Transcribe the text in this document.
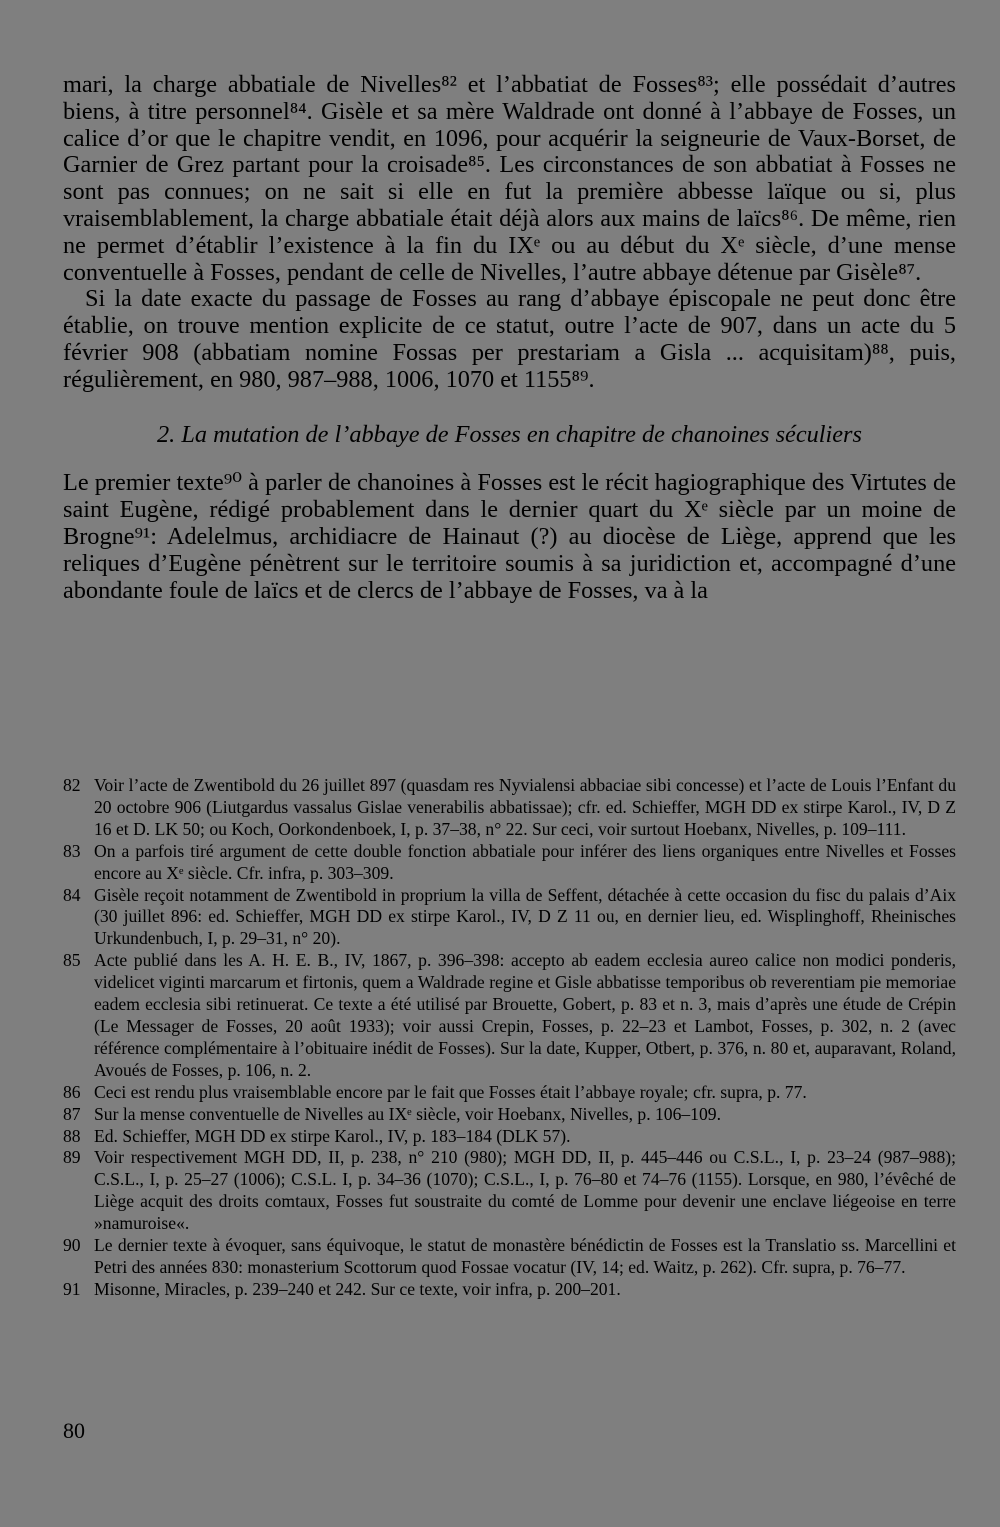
mari, la charge abbatiale de Nivelles⁸² et l’abbatiat de Fosses⁸³; elle possédait d’autres biens, à titre personnel⁸⁴. Gisèle et sa mère Waldrade ont donné à l’abbaye de Fosses, un calice d’or que le chapitre vendit, en 1096, pour acquérir la seigneurie de Vaux-Borset, de Garnier de Grez partant pour la croisade⁸⁵. Les circonstances de son abbatiat à Fosses ne sont pas connues; on ne sait si elle en fut la première abbesse laïque ou si, plus vraisemblablement, la charge abbatiale était déjà alors aux mains de laïcs⁸⁶. De même, rien ne permet d’établir l’existence à la fin du IXᵉ ou au début du Xᵉ siècle, d’une mense conventuelle à Fosses, pendant de celle de Nivelles, l’autre abbaye détenue par Gisèle⁸⁷.

Si la date exacte du passage de Fosses au rang d’abbaye épiscopale ne peut donc être établie, on trouve mention explicite de ce statut, outre l’acte de 907, dans un acte du 5 février 908 (abbatiam nomine Fossas per prestariam a Gisla ... acquisitam)⁸⁸, puis, régulièrement, en 980, 987–988, 1006, 1070 et 1155⁸⁹.

2. La mutation de l’abbaye de Fosses en chapitre de chanoines séculiers

Le premier texte⁹⁰ à parler de chanoines à Fosses est le récit hagiographique des Virtutes de saint Eugène, rédigé probablement dans le dernier quart du Xᵉ siècle par un moine de Brogne⁹¹: Adelelmus, archidiacre de Hainaut (?) au diocèse de Liège, apprend que les reliques d’Eugène pénètrent sur le territoire soumis à sa juridiction et, accompagné d’une abondante foule de laïcs et de clercs de l’abbaye de Fosses, va à la

82 Voir l’acte de Zwentibold du 26 juillet 897 (quasdam res Nyvialensi abbaciae sibi concesse) et l’acte de Louis l’Enfant du 20 octobre 906 (Liutgardus vassalus Gislae venerabilis abbatissae); cfr. ed. Schieffer, MGH DD ex stirpe Karol., IV, D Z 16 et D. LK 50; ou Koch, Oorkondenboek, I, p. 37–38, n° 22. Sur ceci, voir surtout Hoebanx, Nivelles, p. 109–111.
83 On a parfois tiré argument de cette double fonction abbatiale pour inférer des liens organiques entre Nivelles et Fosses encore au Xᵉ siècle. Cfr. infra, p. 303–309.
84 Gisèle reçoit notamment de Zwentibold in proprium la villa de Seffent, détachée à cette occasion du fisc du palais d’Aix (30 juillet 896: ed. Schieffer, MGH DD ex stirpe Karol., IV, D Z 11 ou, en dernier lieu, ed. Wisplinghoff, Rheinisches Urkundenbuch, I, p. 29–31, n° 20).
85 Acte publié dans les A. H. E. B., IV, 1867, p. 396–398: accepto ab eadem ecclesia aureo calice non modici ponderis, videlicet viginti marcarum et firtonis, quem a Waldrade regine et Gisle abbatisse temporibus ob reverentiam pie memoriae eadem ecclesia sibi retinuerat. Ce texte a été utilisé par Brouette, Gobert, p. 83 et n. 3, mais d’après une étude de Crépin (Le Messager de Fosses, 20 août 1933); voir aussi Crepin, Fosses, p. 22–23 et Lambot, Fosses, p. 302, n. 2 (avec référence complémentaire à l’obituaire inédit de Fosses). Sur la date, Kupper, Otbert, p. 376, n. 80 et, auparavant, Roland, Avoués de Fosses, p. 106, n. 2.
86 Ceci est rendu plus vraisemblable encore par le fait que Fosses était l’abbaye royale; cfr. supra, p. 77.
87 Sur la mense conventuelle de Nivelles au IXᵉ siècle, voir Hoebanx, Nivelles, p. 106–109.
88 Ed. Schieffer, MGH DD ex stirpe Karol., IV, p. 183–184 (DLK 57).
89 Voir respectivement MGH DD, II, p. 238, n° 210 (980); MGH DD, II, p. 445–446 ou C.S.L., I, p. 23–24 (987–988); C.S.L., I, p. 25–27 (1006); C.S.L. I, p. 34–36 (1070); C.S.L., I, p. 76–80 et 74–76 (1155). Lorsque, en 980, l’évêché de Liège acquit des droits comtaux, Fosses fut soustraite du comté de Lomme pour devenir une enclave liégeoise en terre »namuroise«.
90 Le dernier texte à évoquer, sans équivoque, le statut de monastère bénédictin de Fosses est la Translatio ss. Marcellini et Petri des années 830: monasterium Scottorum quod Fossae vocatur (IV, 14; ed. Waitz, p. 262). Cfr. supra, p. 76–77.
91 Misonne, Miracles, p. 239–240 et 242. Sur ce texte, voir infra, p. 200–201.
80
